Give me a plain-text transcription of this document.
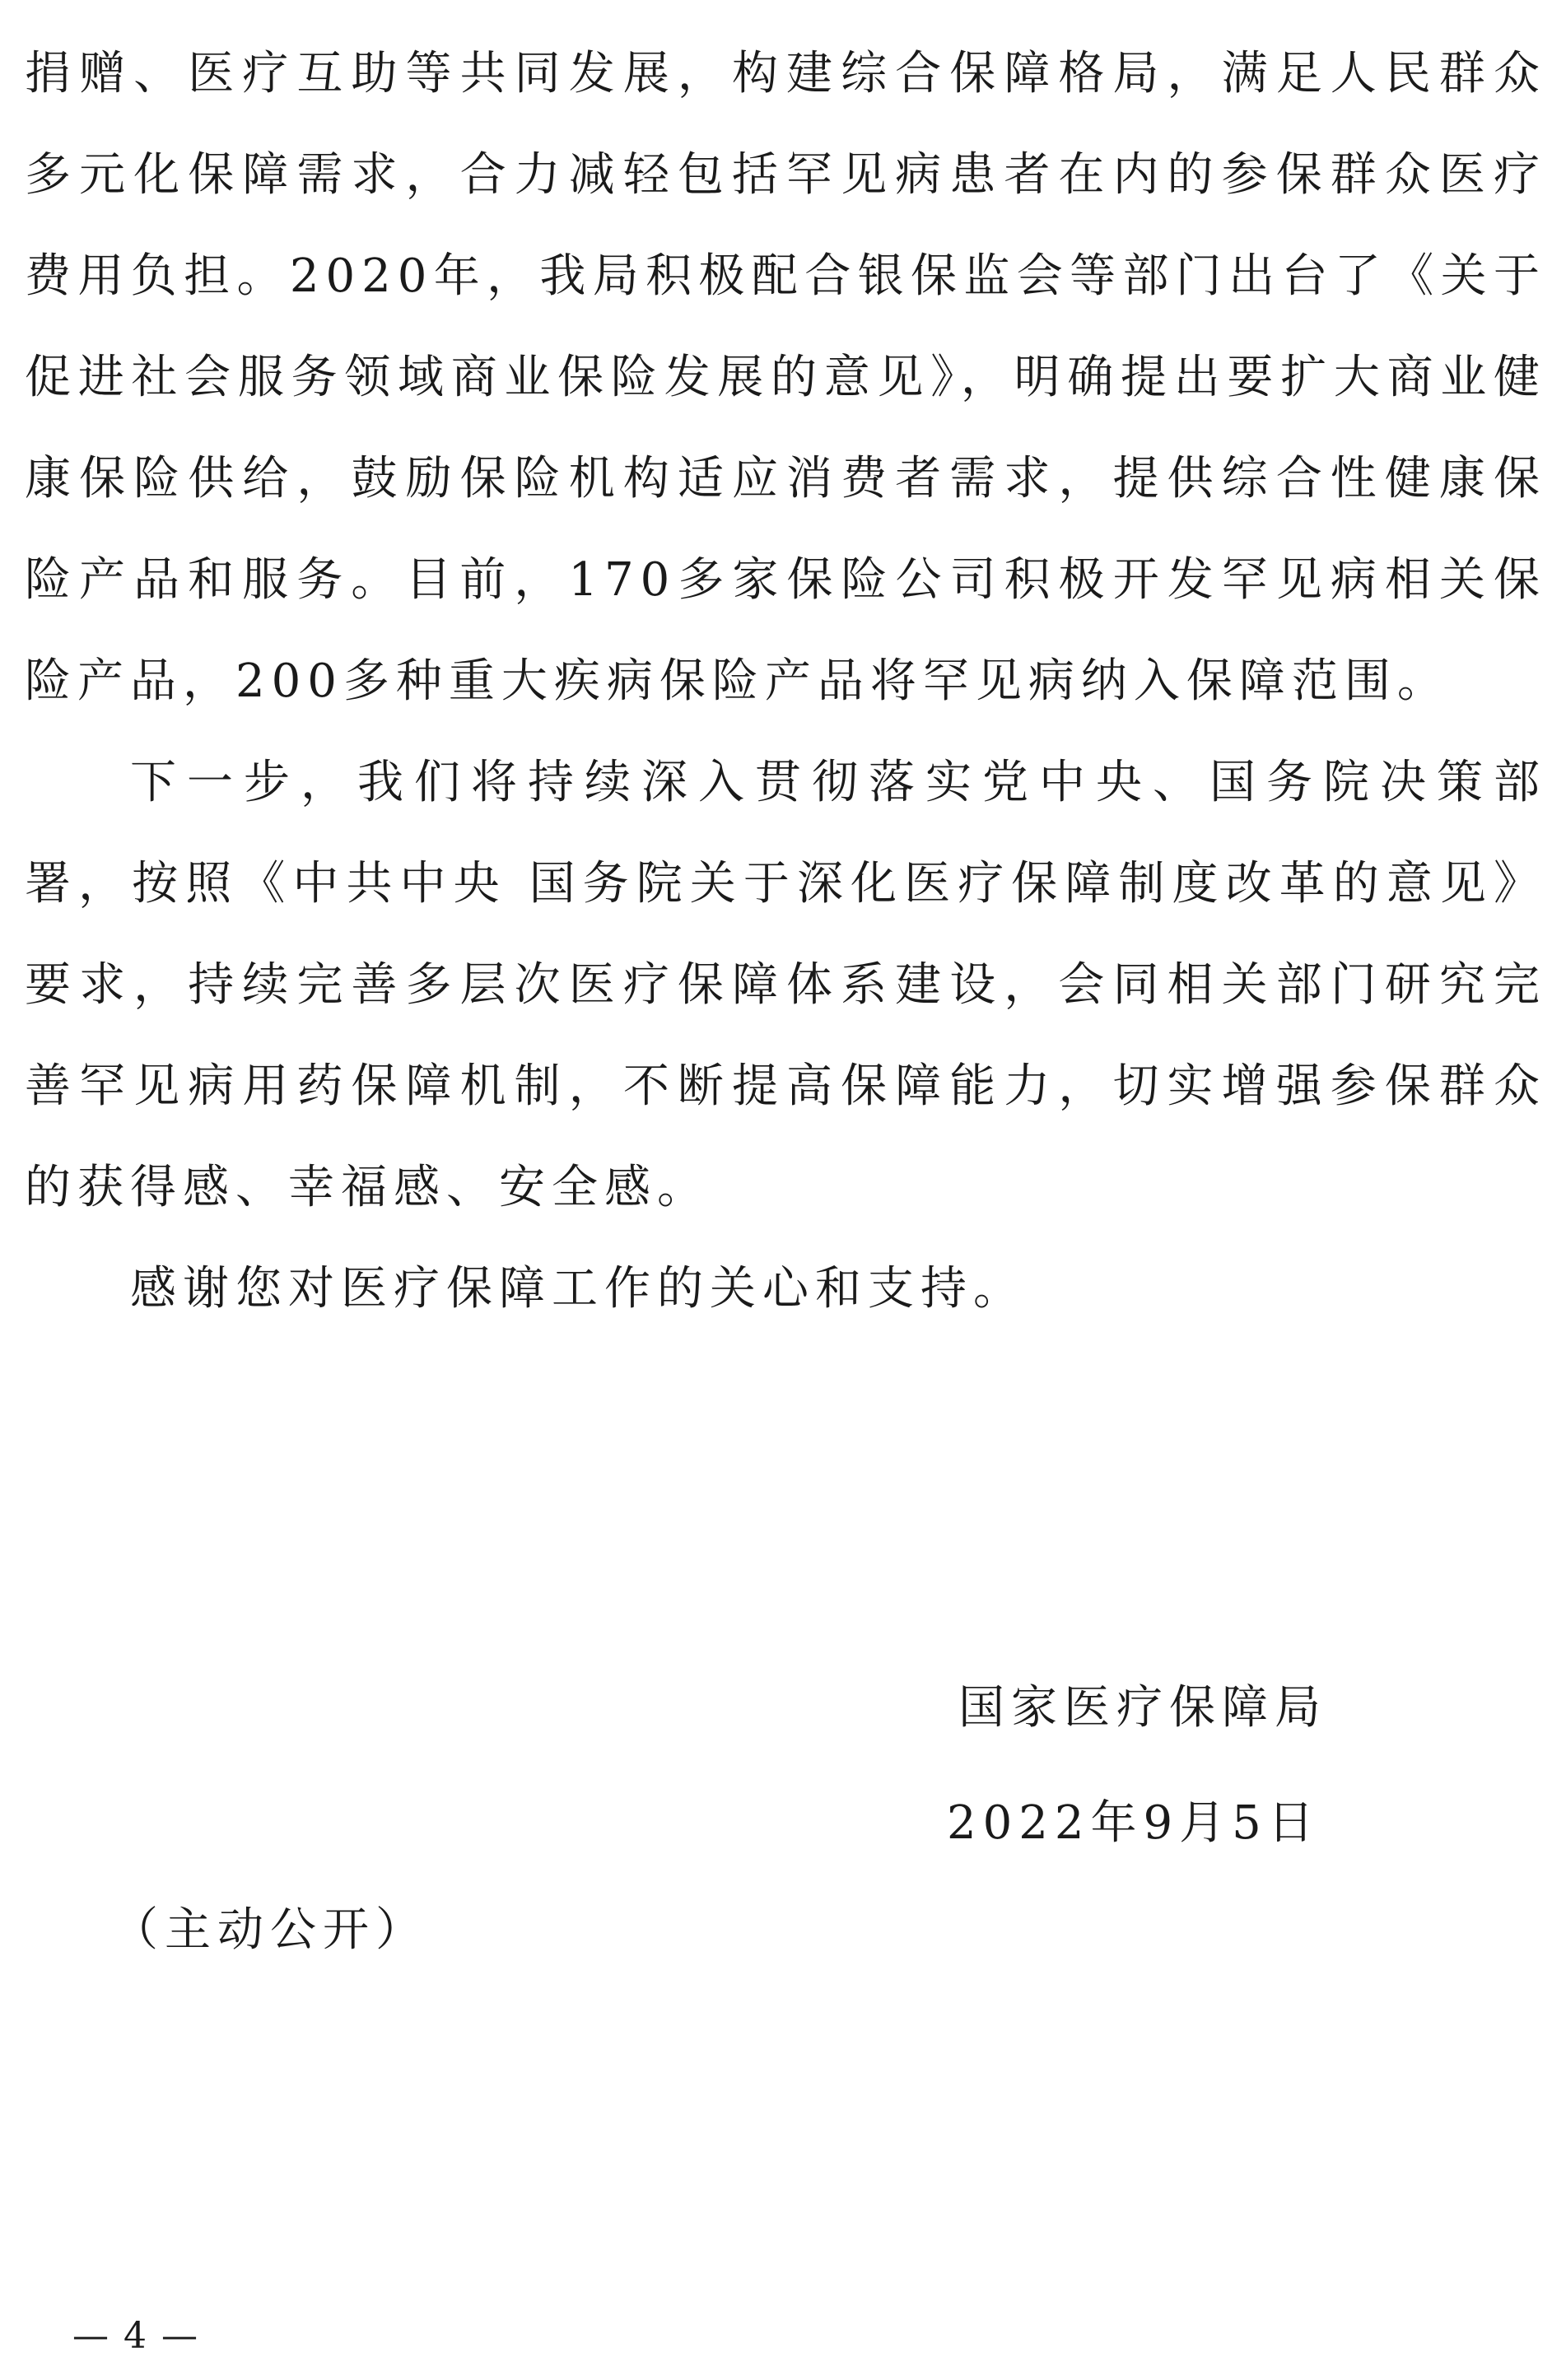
捐赠、医疗互助等共同发展，构建综合保障格局，满足人民群众多元化保障需求，合力减轻包括罕见病患者在内的参保群众医疗费用负担。2020年，我局积极配合银保监会等部门出台了《关于促进社会服务领域商业保险发展的意见》，明确提出要扩大商业健康保险供给，鼓励保险机构适应消费者需求，提供综合性健康保险产品和服务。目前，170多家保险公司积极开发罕见病相关保险产品，200多种重大疾病保险产品将罕见病纳入保障范围。

下一步，我们将持续深入贯彻落实党中央、国务院决策部署，按照《中共中央 国务院关于深化医疗保障制度改革的意见》要求，持续完善多层次医疗保障体系建设，会同相关部门研究完善罕见病用药保障机制，不断提高保障能力，切实增强参保群众的获得感、幸福感、安全感。

感谢您对医疗保障工作的关心和支持。

国家医疗保障局
2022年9月5日
（主动公开）
— 4 —
